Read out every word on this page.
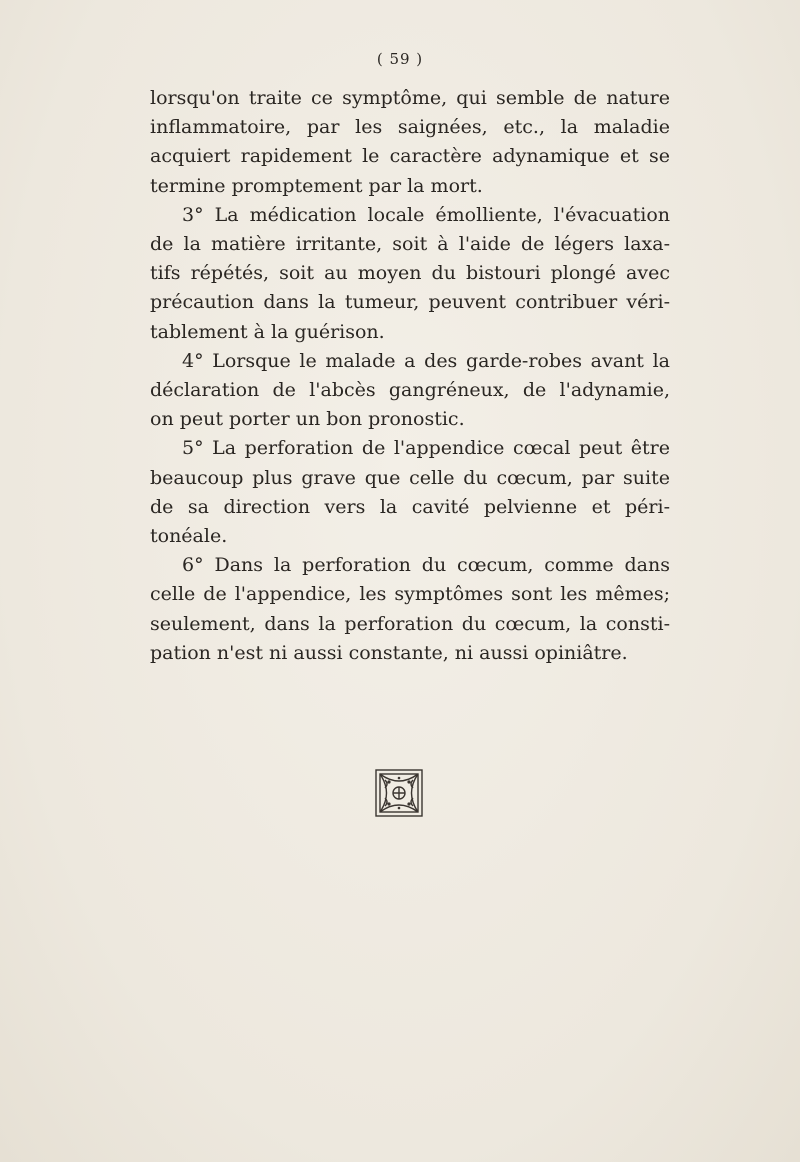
( 59 )

lorsqu'on traite ce symptôme, qui semble de nature
inflammatoire, par les saignées, etc., la maladie
acquiert rapidement le caractère adynamique et se
termine promptement par la mort.

3° La médication locale émolliente, l'évacuation
de la matière irritante, soit à l'aide de légers laxa-
tifs répétés, soit au moyen du bistouri plongé avec
précaution dans la tumeur, peuvent contribuer véri-
tablement à la guérison.

4° Lorsque le malade a des garde-robes avant la
déclaration de l'abcès gangréneux, de l'adynamie,
on peut porter un bon pronostic.

5° La perforation de l'appendice cœcal peut être
beaucoup plus grave que celle du cœcum, par suite
de sa direction vers la cavité pelvienne et péri-
tonéale.

6° Dans la perforation du cœcum, comme dans
celle de l'appendice, les symptômes sont les mêmes;
seulement, dans la perforation du cœcum, la consti-
pation n'est ni aussi constante, ni aussi opiniâtre.
